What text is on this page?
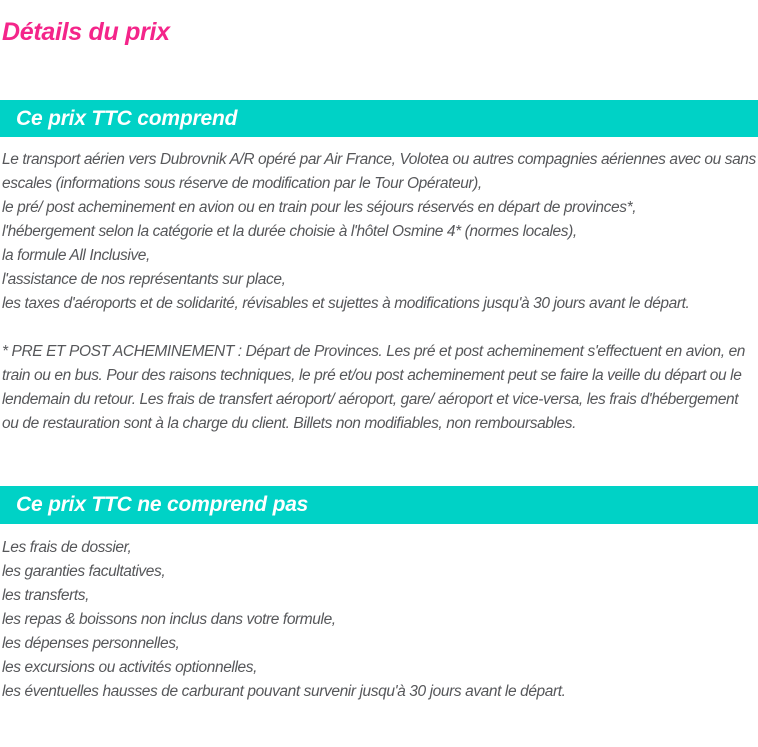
Détails du prix
Ce prix TTC comprend
Le transport aérien vers Dubrovnik A/R opéré par Air France, Volotea ou autres compagnies aériennes avec ou sans escales (informations sous réserve de modification par le Tour Opérateur),
le pré/ post acheminement en avion ou en train pour les séjours réservés en départ de provinces*,
l'hébergement selon la catégorie et la durée choisie à l'hôtel Osmine 4* (normes locales),
la formule All Inclusive,
l'assistance de nos représentants sur place,
les taxes d'aéroports et de solidarité, révisables et sujettes à modifications jusqu'à 30 jours avant le départ.

* PRE ET POST ACHEMINEMENT : Départ de Provinces. Les pré et post acheminement s'effectuent en avion, en train ou en bus. Pour des raisons techniques, le pré et/ou post acheminement peut se faire la veille du départ ou le lendemain du retour. Les frais de transfert aéroport/ aéroport, gare/ aéroport et vice-versa, les frais d'hébergement ou de restauration sont à la charge du client. Billets non modifiables, non remboursables.

Ce prix TTC ne comprend pas
Les frais de dossier,
les garanties facultatives,
les transferts,
les repas & boissons non inclus dans votre formule,
les dépenses personnelles,
les excursions ou activités optionnelles,
les éventuelles hausses de carburant pouvant survenir jusqu'à 30 jours avant le départ.
